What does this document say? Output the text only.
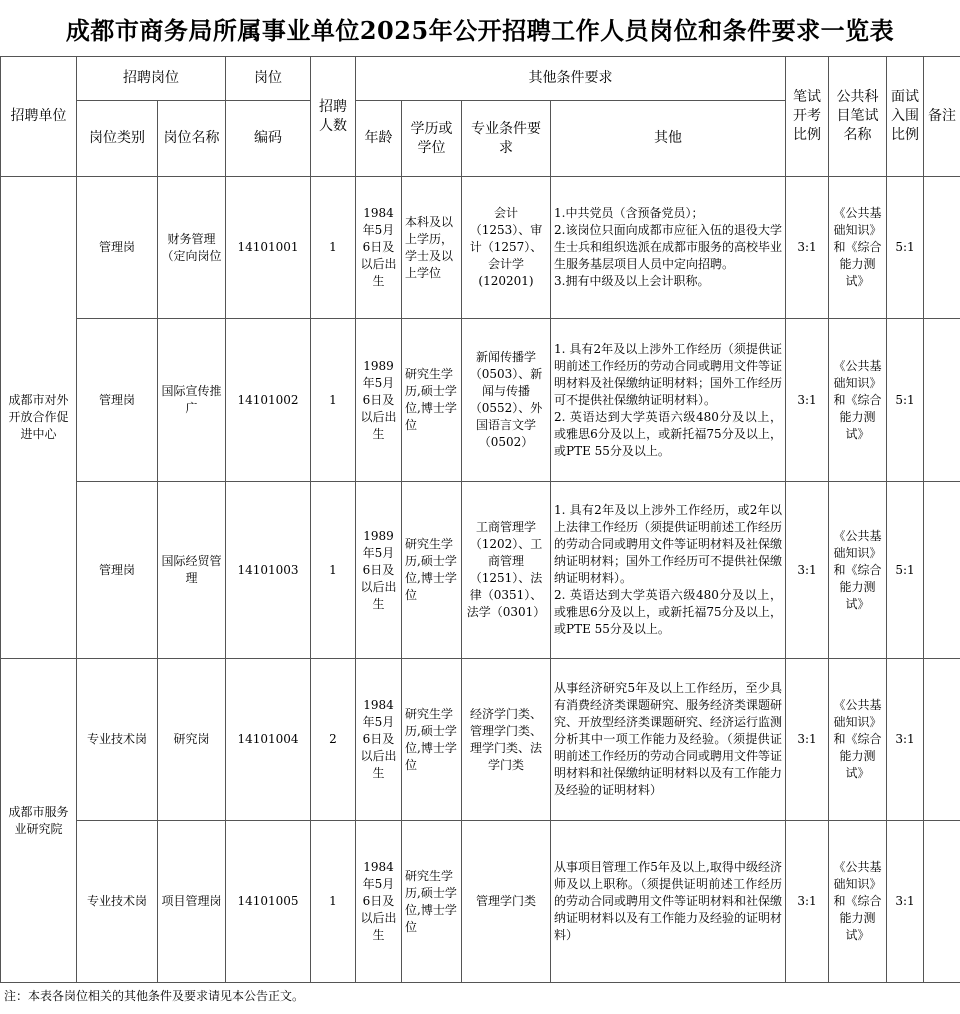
成都市商务局所属事业单位2025年公开招聘工作人员岗位和条件要求一览表
招聘单位	招聘岗位		岗位	招聘人数	其他条件要求				笔试开考比例	公共科目笔试名称	面试入围比例	备注
	岗位类别	岗位名称	编码		年龄	学历或学位	专业条件要求	其他				
成都市对外开放合作促进中心	管理岗	财务管理（定向岗位	14101001	1	1984年5月6日及以后出生	本科及以上学历，学士及以上学位	会计（1253）、审计（1257）、会计学(120201)	1.中共党员（含预备党员）；
2.该岗位只面向成都市应征入伍的退役大学生士兵和组织选派在成都市服务的高校毕业生服务基层项目人员中定向招聘。
3.拥有中级及以上会计职称。	3:1	《公共基础知识》和《综合能力测试》	5:1	
	管理岗	国际宣传推广	14101002	1	1989年5月6日及以后出生	研究生学历,硕士学位,博士学位	新闻传播学（0503）、新闻与传播（0552）、外国语言文学（0502）	1. 具有2年及以上涉外工作经历（须提供证明前述工作经历的劳动合同或聘用文件等证明材料及社保缴纳证明材料；国外工作经历可不提供社保缴纳证明材料）。
2. 英语达到大学英语六级480分及以上，或雅思6分及以上，或新托福75分及以上，或PTE 55分及以上。	3:1	《公共基础知识》和《综合能力测试》	5:1	
	管理岗	国际经贸管理	14101003	1	1989年5月6日及以后出生	研究生学历,硕士学位,博士学位	工商管理学（1202）、工商管理（1251）、法律（0351）、法学（0301）	1. 具有2年及以上涉外工作经历，或2年以上法律工作经历（须提供证明前述工作经历的劳动合同或聘用文件等证明材料及社保缴纳证明材料；国外工作经历可不提供社保缴纳证明材料）。
2. 英语达到大学英语六级480分及以上，或雅思6分及以上，或新托福75分及以上，或PTE 55分及以上。	3:1	《公共基础知识》和《综合能力测试》	5:1	
成都市服务业研究院	专业技术岗	研究岗	14101004	2	1984年5月6日及以后出生	研究生学历,硕士学位,博士学位	经济学门类、管理学门类、理学门类、法学门类	从事经济研究5年及以上工作经历，至少具有消费经济类课题研究、服务经济类课题研究、开放型经济类课题研究、经济运行监测分析其中一项工作能力及经验。（须提供证明前述工作经历的劳动合同或聘用文件等证明材料和社保缴纳证明材料以及有工作能力及经验的证明材料）	3:1	《公共基础知识》和《综合能力测试》	3:1	
	专业技术岗	项目管理岗	14101005	1	1984年5月6日及以后出生	研究生学历,硕士学位,博士学位	管理学门类	从事项目管理工作5年及以上,取得中级经济师及以上职称。（须提供证明前述工作经历的劳动合同或聘用文件等证明材料和社保缴纳证明材料以及有工作能力及经验的证明材料）	3:1	《公共基础知识》和《综合能力测试》	3:1	
注：本表各岗位相关的其他条件及要求请见本公告正文。
